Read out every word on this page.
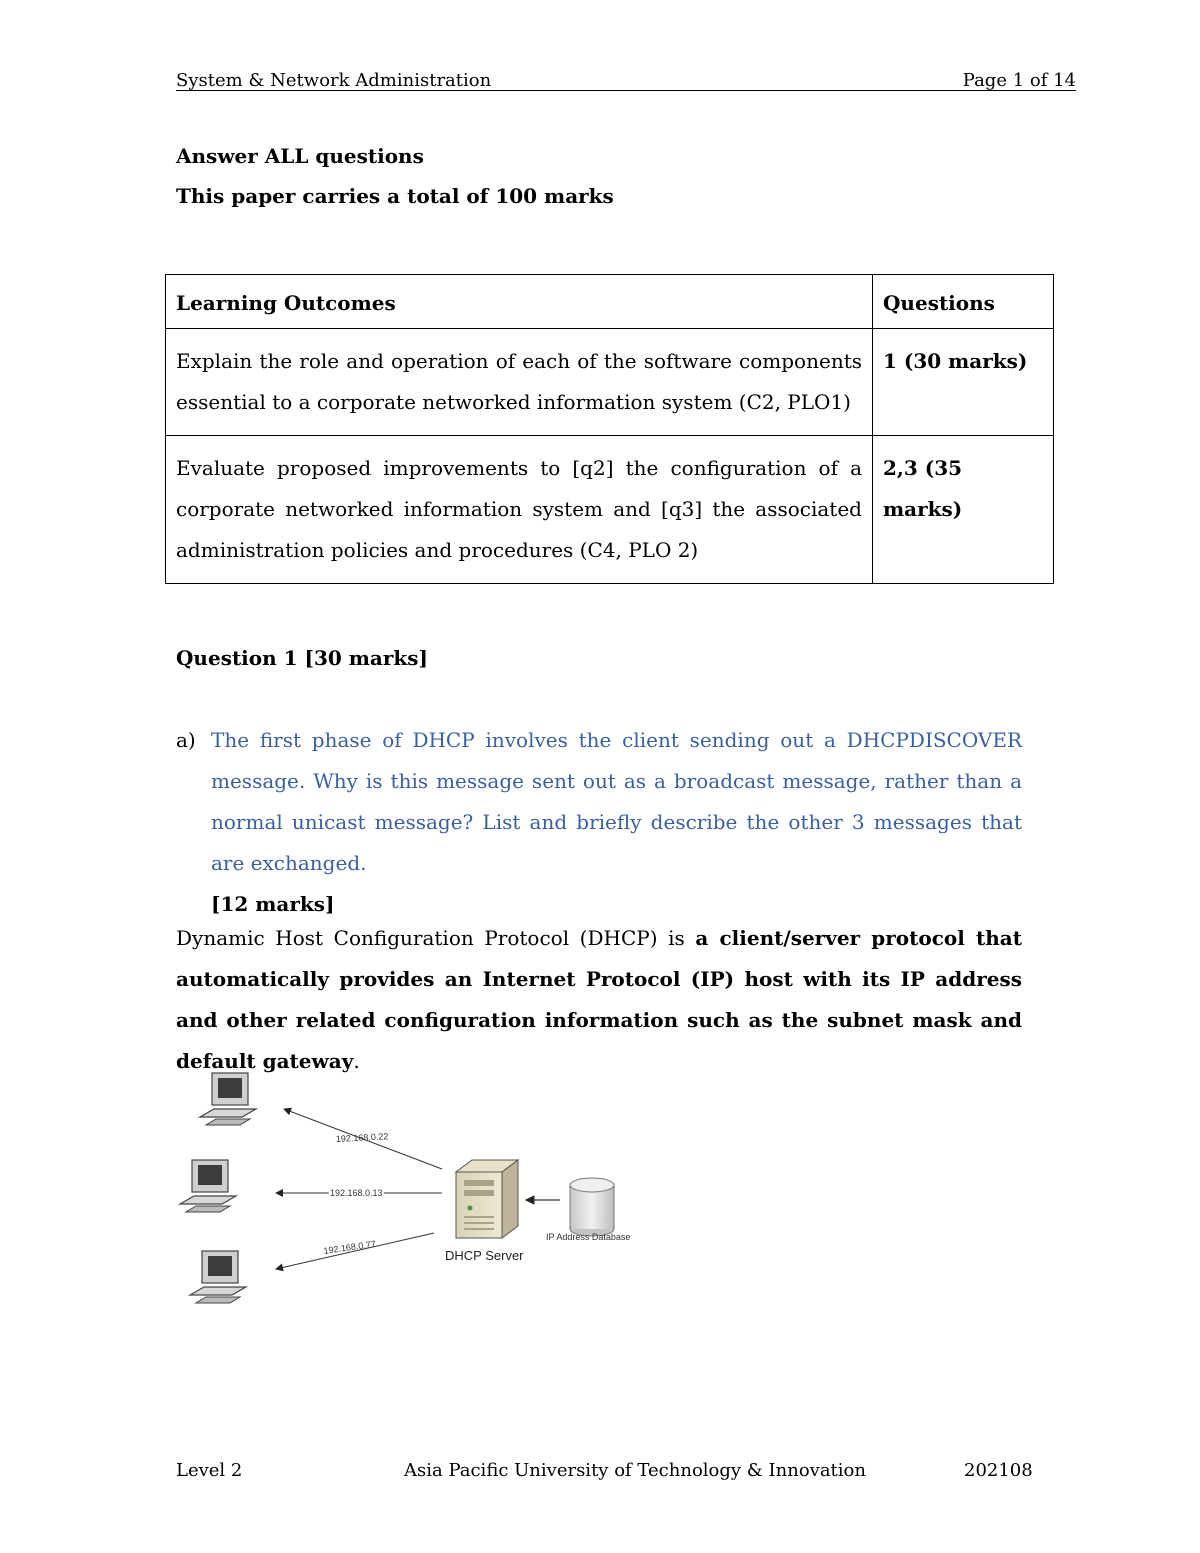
System & Network Administration	Page 1 of 14
Answer ALL questions
This paper carries a total of 100 marks
Learning Outcomes	Questions
Explain the role and operation of each of the software components essential to a corporate networked information system (C2, PLO1)	1 (30 marks)
Evaluate proposed improvements to [q2] the configuration of a corporate networked information system and [q3] the associated administration policies and procedures (C4, PLO 2)	2,3 (35 marks)
Question 1 [30 marks]
a) The first phase of DHCP involves the client sending out a DHCPDISCOVER message. Why is this message sent out as a broadcast message, rather than a normal unicast message? List and briefly describe the other 3 messages that are exchanged.
[12 marks]
Dynamic Host Configuration Protocol (DHCP) is a client/server protocol that automatically provides an Internet Protocol (IP) host with its IP address and other related configuration information such as the subnet mask and default gateway.
192.168.0.22
192.168.0.13
192.168.0.77	DHCP Server
IP Address Database
Level 2	Asia Pacific University of Technology & Innovation	202108
